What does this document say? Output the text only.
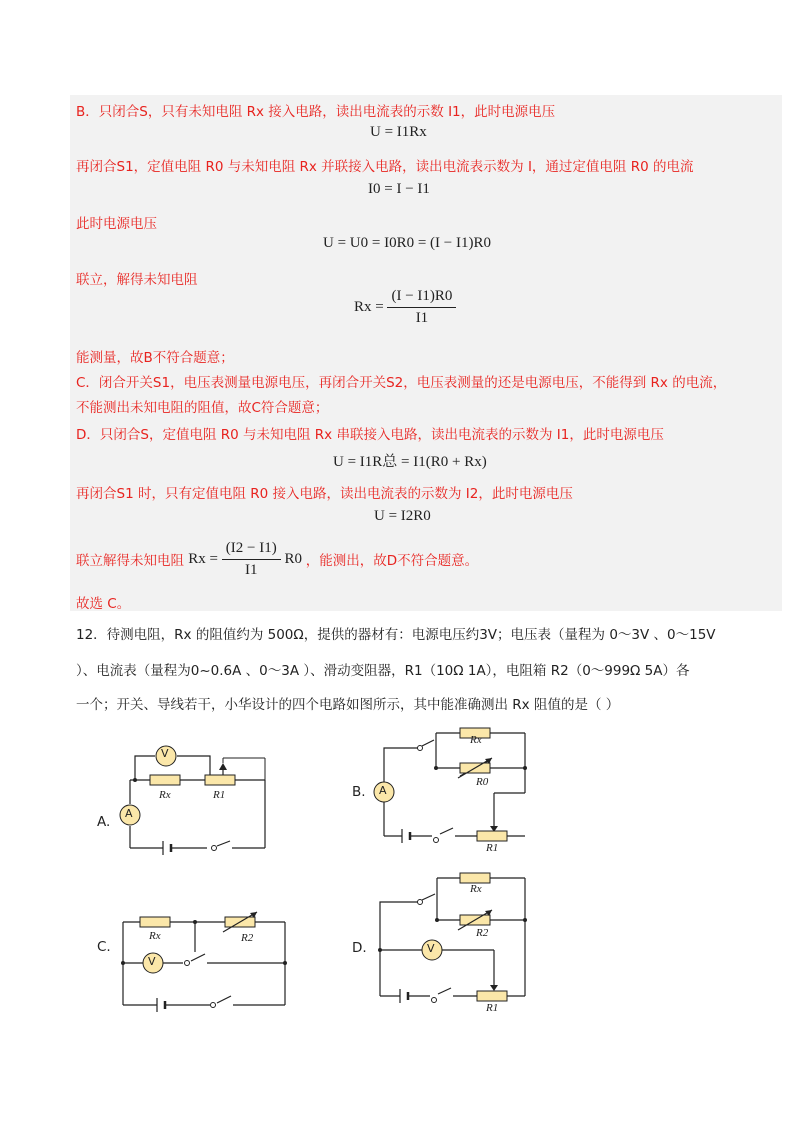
B．只闭合S，只有未知电阻 Rx 接入电路，读出电流表的示数 I1，此时电源电压
U = I1Rx
再闭合S1，定值电阻 R0 与未知电阻 Rx 并联接入电路，读出电流表示数为 I，通过定值电阻 R0 的电流
I0 = I − I1
此时电源电压
U = U0 = I0R0 = (I − I1)R0
联立，解得未知电阻
$Rx = \frac{(I - I1)R0}{I1}$
能测量，故B不符合题意；
C．闭合开关S1，电压表测量电源电压，再闭合开关S2，电压表测量的还是电源电压，不能得到 Rx 的电流，
不能测出未知电阻的阻值，故C符合题意；
D．只闭合S，定值电阻 R0 与未知电阻 Rx 串联接入电路，读出电流表的示数为 I1，此时电源电压
U = I1R总 = I1(R0 + Rx)
再闭合S1 时，只有定值电阻 R0 接入电路，读出电流表的示数为 I2，此时电源电压
U = I2R0
联立解得未知电阻 $Rx = \frac{(I2 - I1)}{I1} R0$ ，能测出，故D不符合题意。
故选 C。
12．待测电阻，Rx 的阻值约为 500Ω，提供的器材有：电源电压约3V；电压表（量程为 0～3V 、0～15V
）、电流表（量程为0~0.6A 、0～3A ）、滑动变阻器，R1（10Ω 1A），电阻箱 R2（0～999Ω 5A）各
一个；开关、导线若干，小华设计的四个电路如图所示，其中能准确测出 Rx 阻值的是（ ）
A.
V
A
Rx	R1	B. A
Rx
R0
R1
C.
V
Rx	R2
D.	V
Rx
R2
R1
